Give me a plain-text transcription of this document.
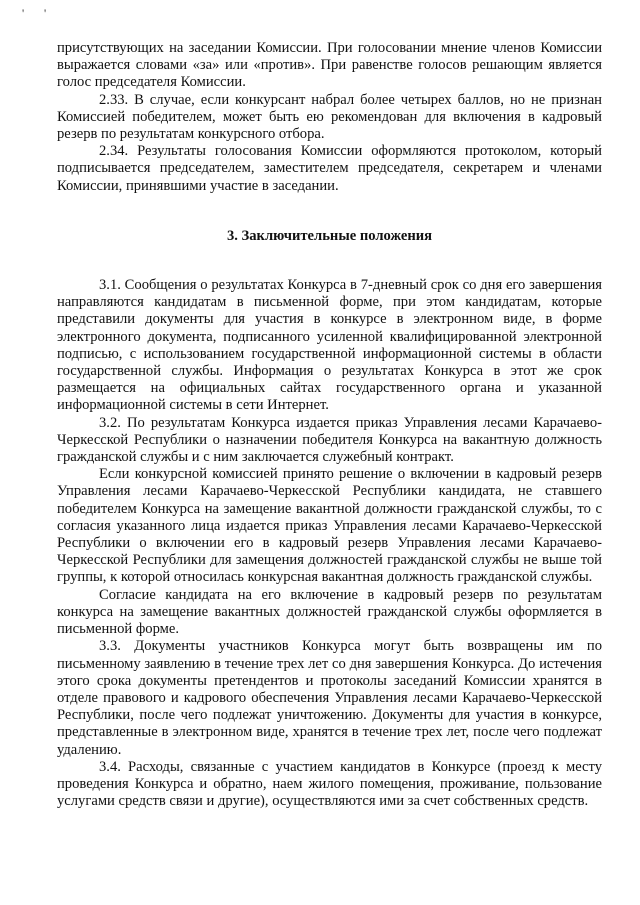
' '

присутствующих на заседании Комиссии. При голосовании мнение членов Комиссии выражается словами «за» или «против». При равенстве голосов решающим является голос председателя Комиссии.

2.33. В случае, если конкурсант набрал более четырех баллов, но не признан Комиссией победителем, может быть ею рекомендован для включения в кадровый резерв по результатам конкурсного отбора.

2.34. Результаты голосования Комиссии оформляются протоколом, который подписывается председателем, заместителем председателя, секретарем и членами Комиссии, принявшими участие в заседании.

3. Заключительные положения

3.1. Сообщения о результатах Конкурса в 7-дневный срок со дня его завершения направляются кандидатам в письменной форме, при этом кандидатам, которые представили документы для участия в конкурсе в электронном виде, в форме электронного документа, подписанного усиленной квалифицированной электронной подписью, с использованием государственной информационной системы в области государственной службы. Информация о результатах Конкурса в этот же срок размещается на официальных сайтах государственного органа и указанной информационной системы в сети Интернет.

3.2. По результатам Конкурса издается приказ Управления лесами Карачаево-Черкесской Республики о назначении победителя Конкурса на вакантную должность гражданской службы и с ним заключается служебный контракт.

Если конкурсной комиссией принято решение о включении в кадровый резерв Управления лесами Карачаево-Черкесской Республики кандидата, не ставшего победителем Конкурса на замещение вакантной должности гражданской службы, то с согласия указанного лица издается приказ Управления лесами Карачаево-Черкесской Республики о включении его в кадровый резерв Управления лесами Карачаево-Черкесской Республики для замещения должностей гражданской службы не выше той группы, к которой относилась конкурсная вакантная должность гражданской службы.

Согласие кандидата на его включение в кадровый резерв по результатам конкурса на замещение вакантных должностей гражданской службы оформляется в письменной форме.

3.3. Документы участников Конкурса могут быть возвращены им по письменному заявлению в течение трех лет со дня завершения Конкурса. До истечения этого срока документы претендентов и протоколы заседаний Комиссии хранятся в отделе правового и кадрового обеспечения Управления лесами Карачаево-Черкесской Республики, после чего подлежат уничтожению. Документы для участия в конкурсе, представленные в электронном виде, хранятся в течение трех лет, после чего подлежат удалению.

3.4. Расходы, связанные с участием кандидатов в Конкурсе (проезд к месту проведения Конкурса и обратно, наем жилого помещения, проживание, пользование услугами средств связи и другие), осуществляются ими за счет собственных средств.
